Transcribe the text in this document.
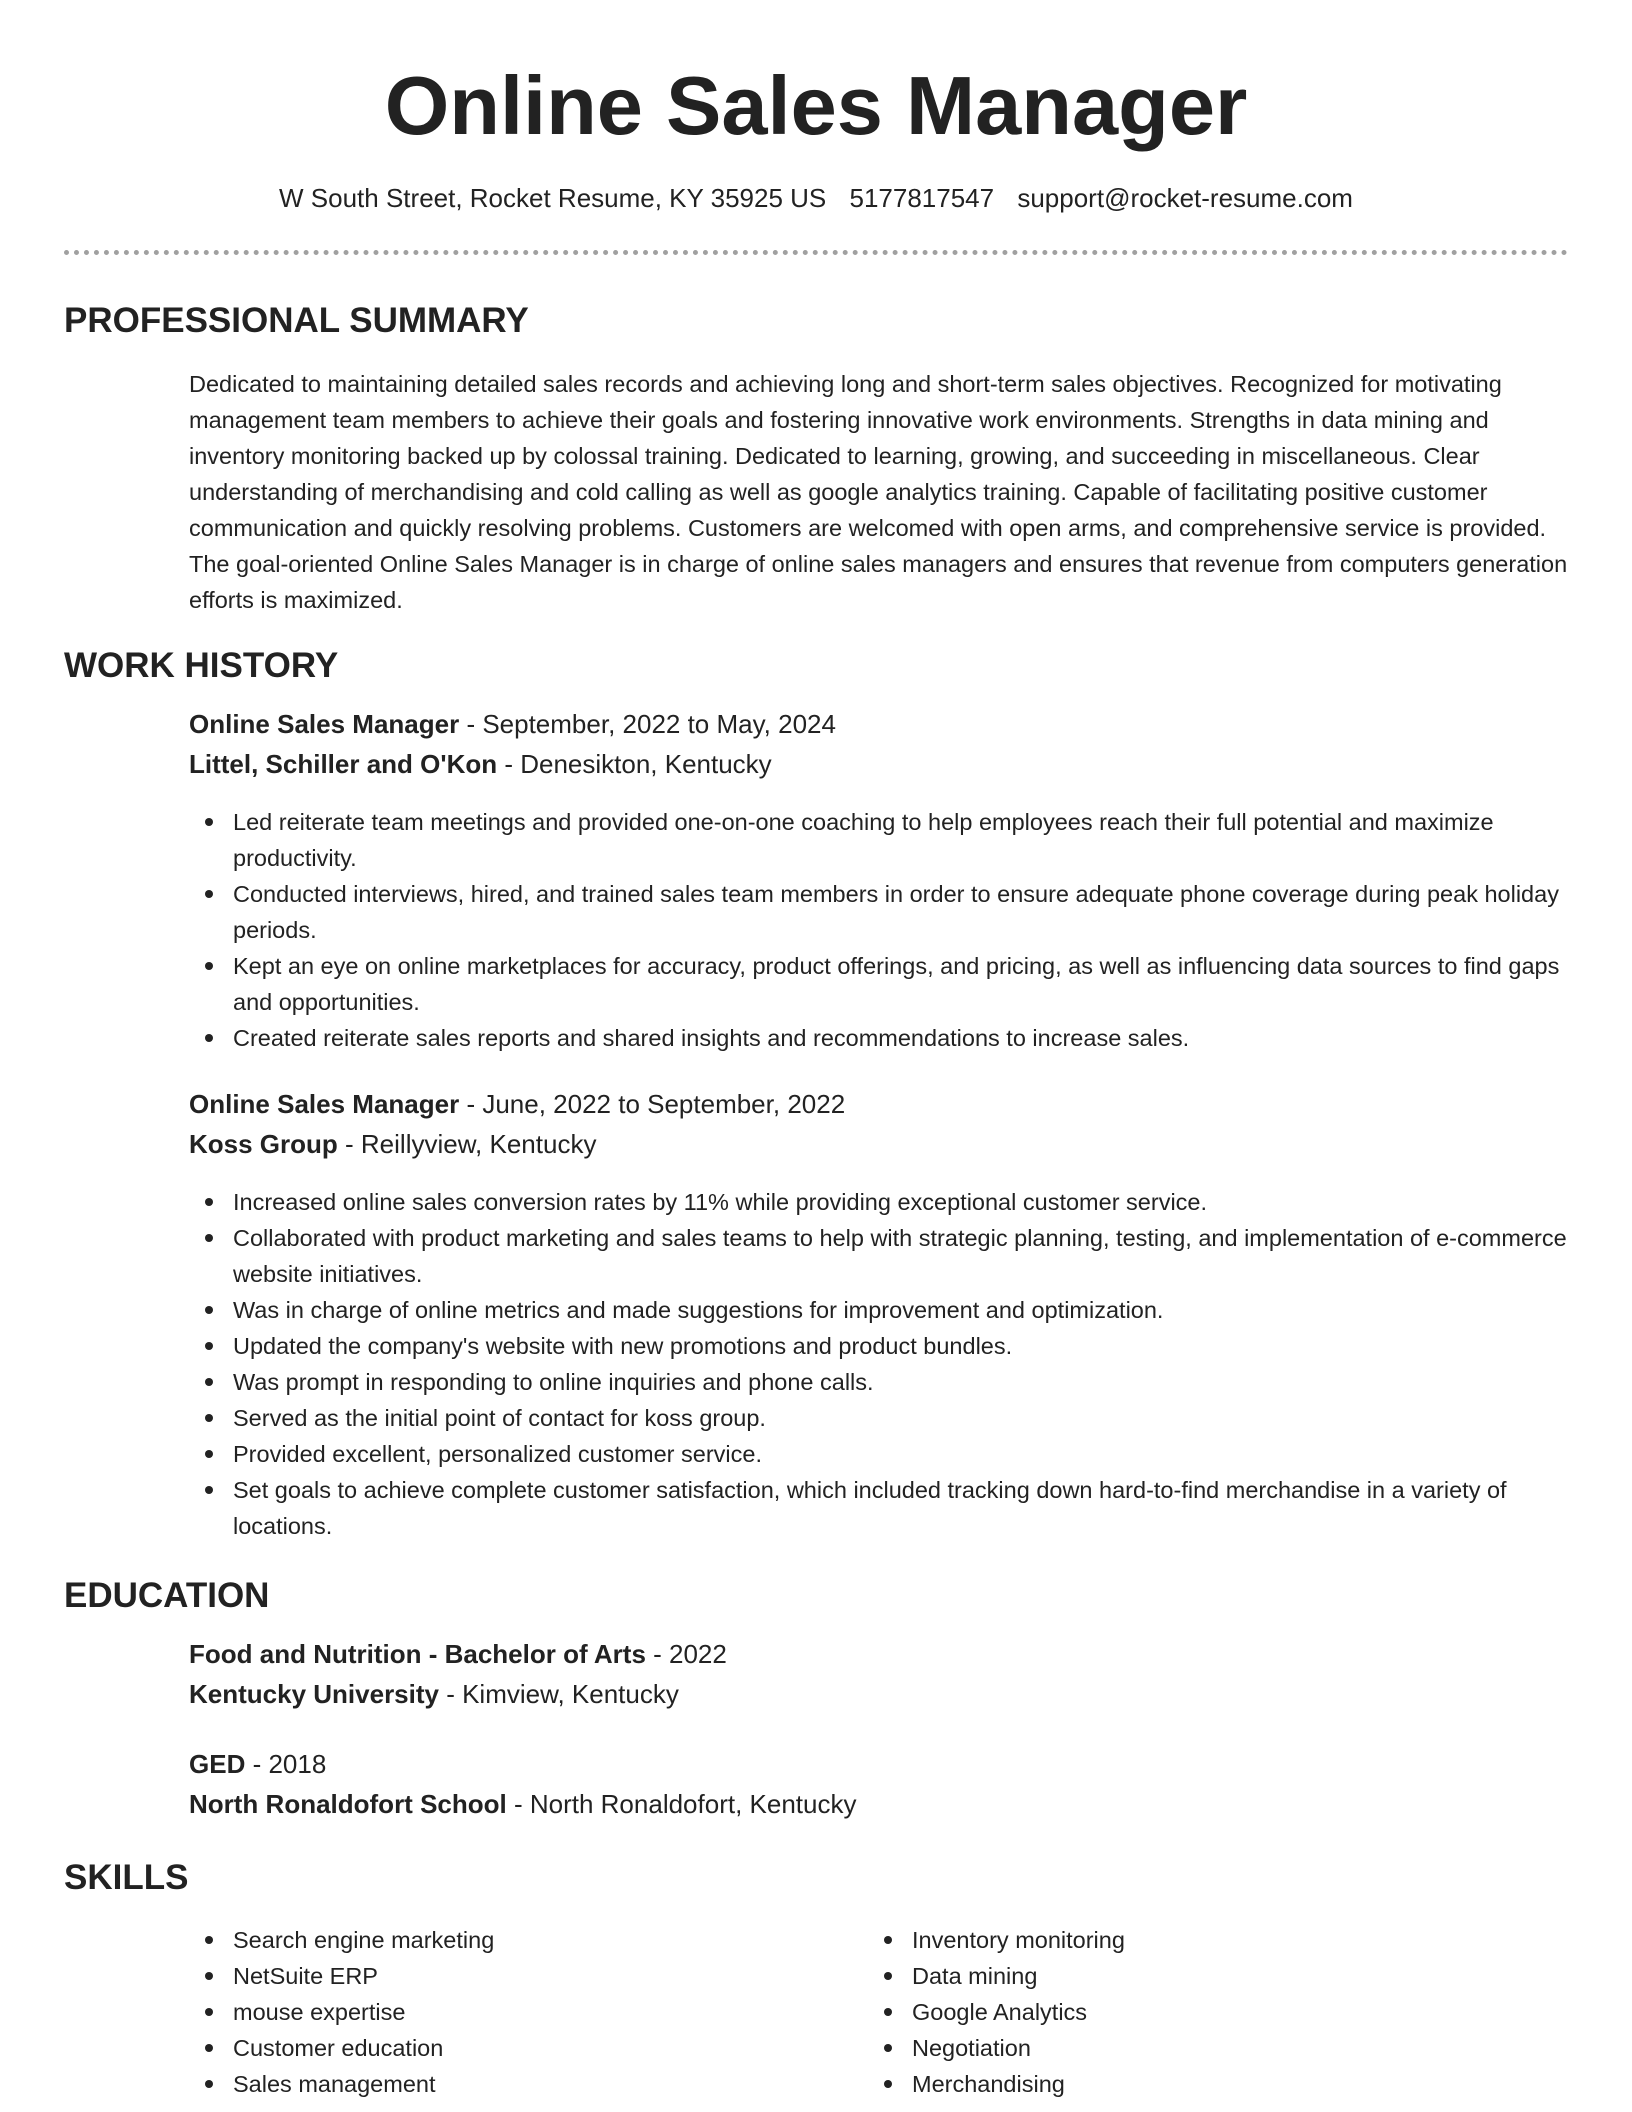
Online Sales Manager
W South Street, Rocket Resume, KY 35925 US 5177817547 support@rocket-resume.com
PROFESSIONAL SUMMARY

Dedicated to maintaining detailed sales records and achieving long and short-term sales objectives. Recognized for motivating management team members to achieve their goals and fostering innovative work environments. Strengths in data mining and inventory monitoring backed up by colossal training. Dedicated to learning, growing, and succeeding in miscellaneous. Clear understanding of merchandising and cold calling as well as google analytics training. Capable of facilitating positive customer communication and quickly resolving problems. Customers are welcomed with open arms, and comprehensive service is provided. The goal-oriented Online Sales Manager is in charge of online sales managers and ensures that revenue from computers generation efforts is maximized.

WORK HISTORY
Online Sales Manager - September, 2022 to May, 2024
Littel, Schiller and O'Kon - Denesikton, Kentucky
Led reiterate team meetings and provided one-on-one coaching to help employees reach their full potential and maximize productivity.
Conducted interviews, hired, and trained sales team members in order to ensure adequate phone coverage during peak holiday periods.
Kept an eye on online marketplaces for accuracy, product offerings, and pricing, as well as influencing data sources to find gaps and opportunities.
Created reiterate sales reports and shared insights and recommendations to increase sales.
Online Sales Manager - June, 2022 to September, 2022
Koss Group - Reillyview, Kentucky
Increased online sales conversion rates by 11% while providing exceptional customer service.
Collaborated with product marketing and sales teams to help with strategic planning, testing, and implementation of e-commerce website initiatives.
Was in charge of online metrics and made suggestions for improvement and optimization.
Updated the company's website with new promotions and product bundles.
Was prompt in responding to online inquiries and phone calls.
Served as the initial point of contact for koss group.
Provided excellent, personalized customer service.
Set goals to achieve complete customer satisfaction, which included tracking down hard-to-find merchandise in a variety of locations.
EDUCATION
Food and Nutrition - Bachelor of Arts - 2022
Kentucky University - Kimview, Kentucky
GED - 2018
North Ronaldofort School - North Ronaldofort, Kentucky
SKILLS
Search engine marketing
NetSuite ERP
mouse expertise
Customer education
Sales management
Inventory monitoring
Data mining
Google Analytics
Negotiation
Merchandising
